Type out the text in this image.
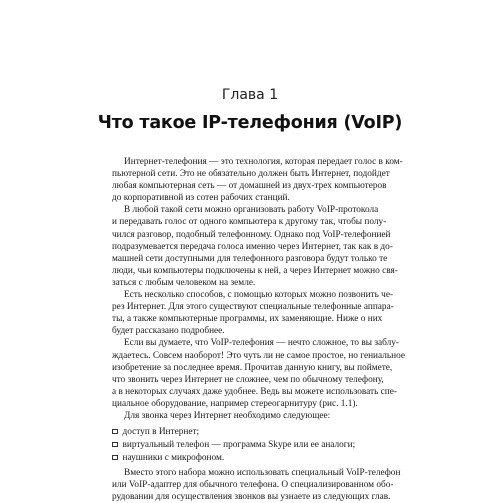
Глава 1
Что такое IP-телефония (VoIP)
Интернет-телефония — это технология, которая передает голос в ком-
пьютерной сети. Это не обязательно должен быть Интернет, подойдет
любая компьютерная сеть — от домашней из двух-трех компьютеров
до корпоративной из сотен рабочих станций.
В любой такой сети можно организовать работу VoIP-протокола
и передавать голос от одного компьютера к другому так, чтобы полу-
чился разговор, подобный телефонному. Однако под VoIP-телефонией
подразумевается передача голоса именно через Интернет, так как в до-
машней сети доступными для телефонного разговора будут только те
люди, чьи компьютеры подключены к ней, а через Интернет можно свя-
заться с любым человеком на земле.
Есть несколько способов, с помощью которых можно позвонить че-
рез Интернет. Для этого существуют специальные телефонные аппара-
ты, а также компьютерные программы, их заменяющие. Ниже о них
будет рассказано подробнее.
Если вы думаете, что VoIP-телефония — нечто сложное, то вы заблу-
ждаетесь. Совсем наоборот! Это чуть ли не самое простое, но гениальное
изобретение за последнее время. Прочитав данную книгу, вы поймете,
что звонить через Интернет не сложнее, чем по обычному телефону,
а в некоторых случаях даже удобнее. Ведь вы можете использовать спе-
циальное оборудование, например стереогарнитуру (рис. 1.1).
Для звонка через Интернет необходимо следующее:
доступ в Интернет;
виртуальный телефон — программа Skype или ее аналоги;
наушники с микрофоном.
Вместо этого набора можно использовать специальный VoIP-телефон
или VoIP-адаптер для обычного телефона. О специализированном обо-
рудовании для осуществления звонков вы узнаете из следующих глав.
